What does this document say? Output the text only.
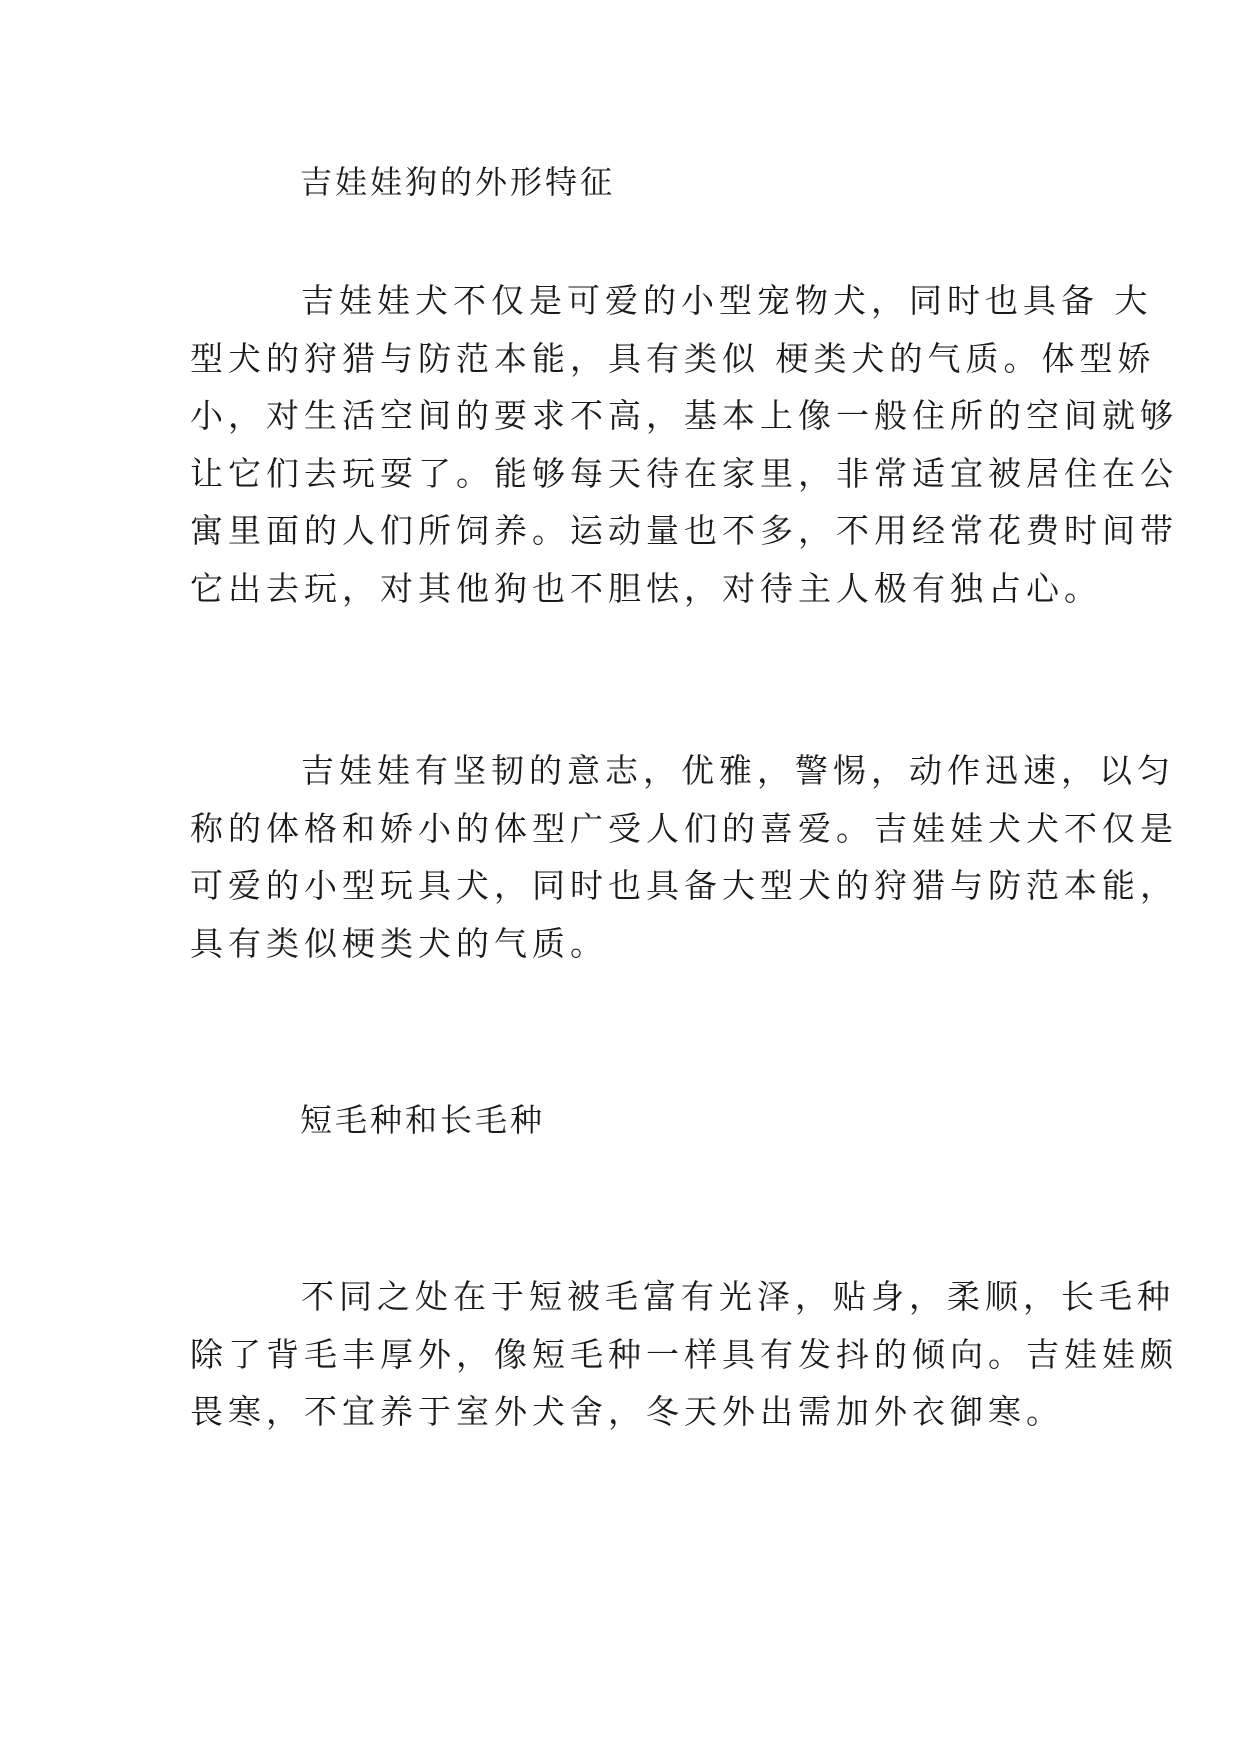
吉娃娃狗的外形特征
吉娃娃犬不仅是可爱的小型宠物犬，同时也具备 大
型犬的狩猎与防范本能，具有类似 梗类犬的气质。体型娇
小，对生活空间的要求不高，基本上像一般住所的空间就够
让它们去玩耍了。能够每天待在家里，非常适宜被居住在公
寓里面的人们所饲养。运动量也不多，不用经常花费时间带
它出去玩，对其他狗也不胆怯，对待主人极有独占心。
吉娃娃有坚韧的意志，优雅，警惕，动作迅速，以匀
称的体格和娇小的体型广受人们的喜爱。吉娃娃犬犬不仅是
可爱的小型玩具犬，同时也具备大型犬的狩猎与防范本能，
具有类似梗类犬的气质。
短毛种和长毛种
不同之处在于短被毛富有光泽，贴身，柔顺，长毛种
除了背毛丰厚外，像短毛种一样具有发抖的倾向。吉娃娃颇
畏寒，不宜养于室外犬舍，冬天外出需加外衣御寒。
